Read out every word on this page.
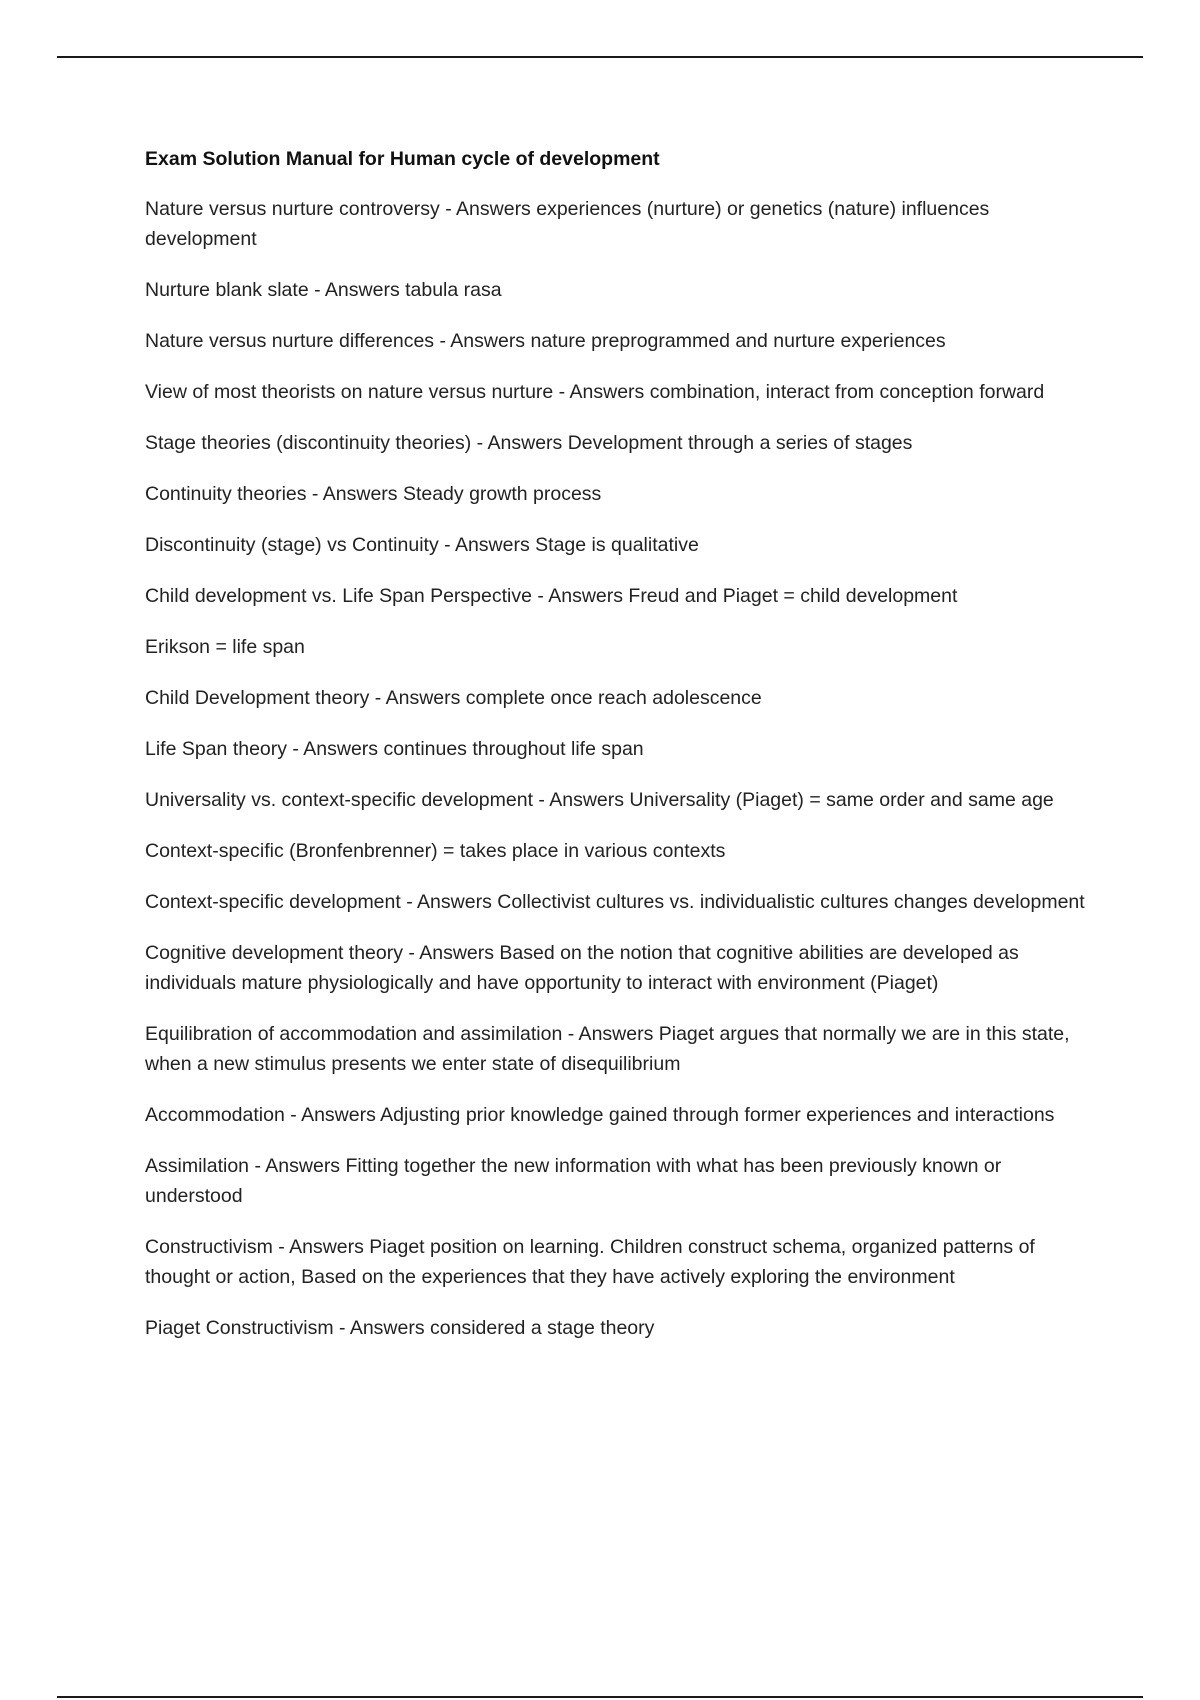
Exam Solution Manual for Human cycle of development
Nature versus nurture controversy - Answers experiences (nurture) or genetics (nature) influences development
Nurture blank slate - Answers tabula rasa
Nature versus nurture differences - Answers nature preprogrammed and nurture experiences
View of most theorists on nature versus nurture - Answers combination, interact from conception forward
Stage theories (discontinuity theories) - Answers Development through a series of stages
Continuity theories - Answers Steady growth process
Discontinuity (stage) vs Continuity - Answers Stage is qualitative
Child development vs. Life Span Perspective - Answers Freud and Piaget = child development
Erikson = life span
Child Development theory - Answers complete once reach adolescence
Life Span theory - Answers continues throughout life span
Universality vs. context-specific development - Answers Universality (Piaget) = same order and same age
Context-specific (Bronfenbrenner) = takes place in various contexts
Context-specific development - Answers Collectivist cultures vs. individualistic cultures changes development
Cognitive development theory - Answers Based on the notion that cognitive abilities are developed as individuals mature physiologically and have opportunity to interact with environment (Piaget)
Equilibration of accommodation and assimilation - Answers Piaget argues that normally we are in this state, when a new stimulus presents we enter state of disequilibrium
Accommodation - Answers Adjusting prior knowledge gained through former experiences and interactions
Assimilation - Answers Fitting together the new information with what has been previously known or understood
Constructivism - Answers Piaget position on learning. Children construct schema, organized patterns of thought or action, Based on the experiences that they have actively exploring the environment
Piaget Constructivism - Answers considered a stage theory
